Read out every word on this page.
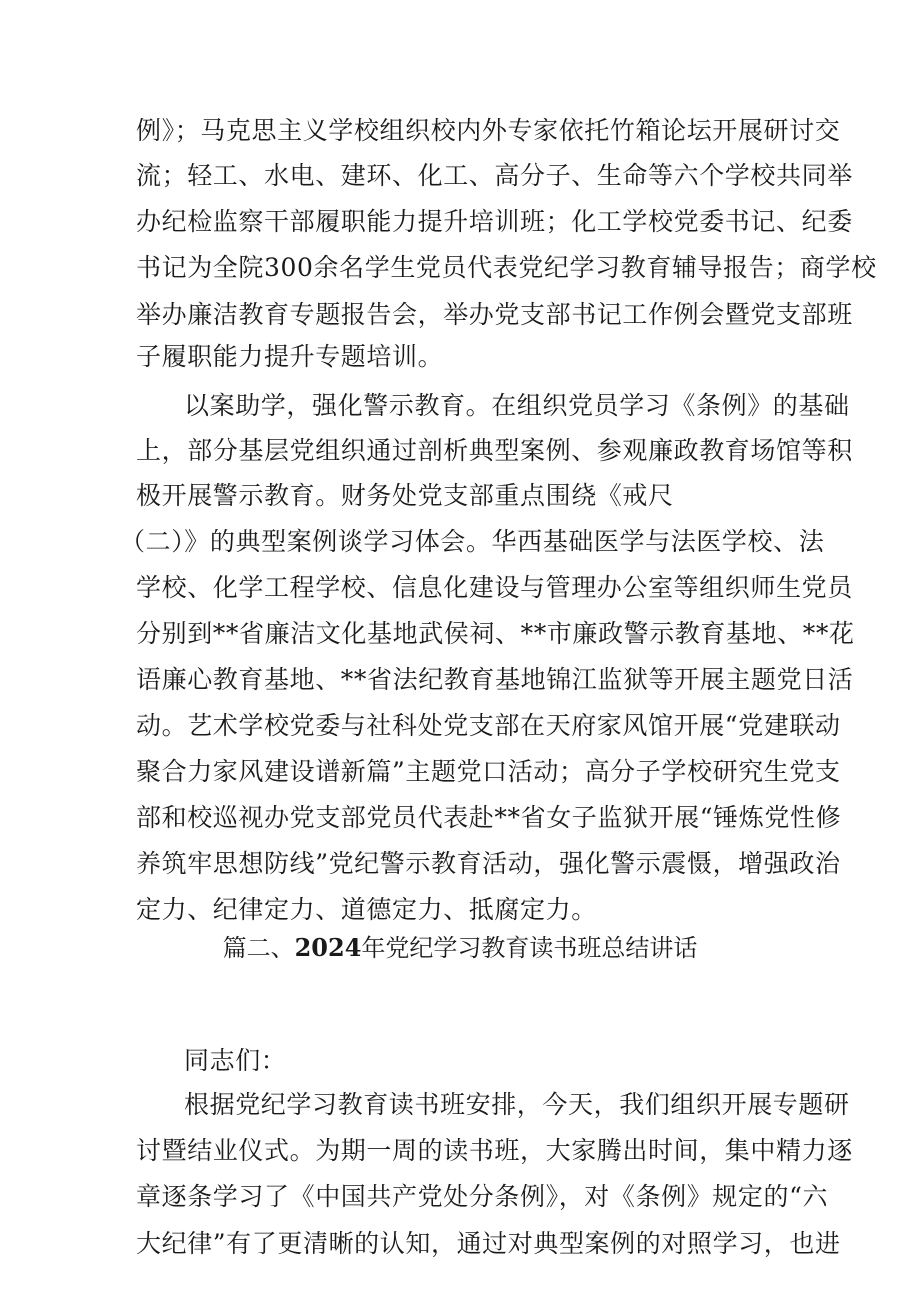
例》；马克思主义学校组织校内外专家依托竹箱论坛开展研讨交
流；轻工、水电、建环、化工、高分子、生命等六个学校共同举
办纪检监察干部履职能力提升培训班；化工学校党委书记、纪委
书记为全院300余名学生党员代表党纪学习教育辅导报告；商学校
举办廉洁教育专题报告会，举办党支部书记工作例会暨党支部班
子履职能力提升专题培训。
以案助学，强化警示教育。在组织党员学习《条例》的基础
上，部分基层党组织通过剖析典型案例、参观廉政教育场馆等积
极开展警示教育。财务处党支部重点围绕《戒尺
（二）》的典型案例谈学习体会。华西基础医学与法医学校、法
学校、化学工程学校、信息化建设与管理办公室等组织师生党员
分别到**省廉洁文化基地武侯祠、**市廉政警示教育基地、**花
语廉心教育基地、**省法纪教育基地锦江监狱等开展主题党日活
动。艺术学校党委与社科处党支部在天府家风馆开展“党建联动
聚合力家风建设谱新篇”主题党口活动；高分子学校研究生党支
部和校巡视办党支部党员代表赴**省女子监狱开展“锤炼党性修
养筑牢思想防线”党纪警示教育活动，强化警示震慑，增强政治
定力、纪律定力、道德定力、抵腐定力。
篇二、2024年党纪学习教育读书班总结讲话
同志们：
根据党纪学习教育读书班安排，今天，我们组织开展专题研
讨暨结业仪式。为期一周的读书班，大家腾出时间，集中精力逐
章逐条学习了《中国共产党处分条例》，对《条例》规定的“六
大纪律”有了更清晰的认知，通过对典型案例的对照学习，也进
